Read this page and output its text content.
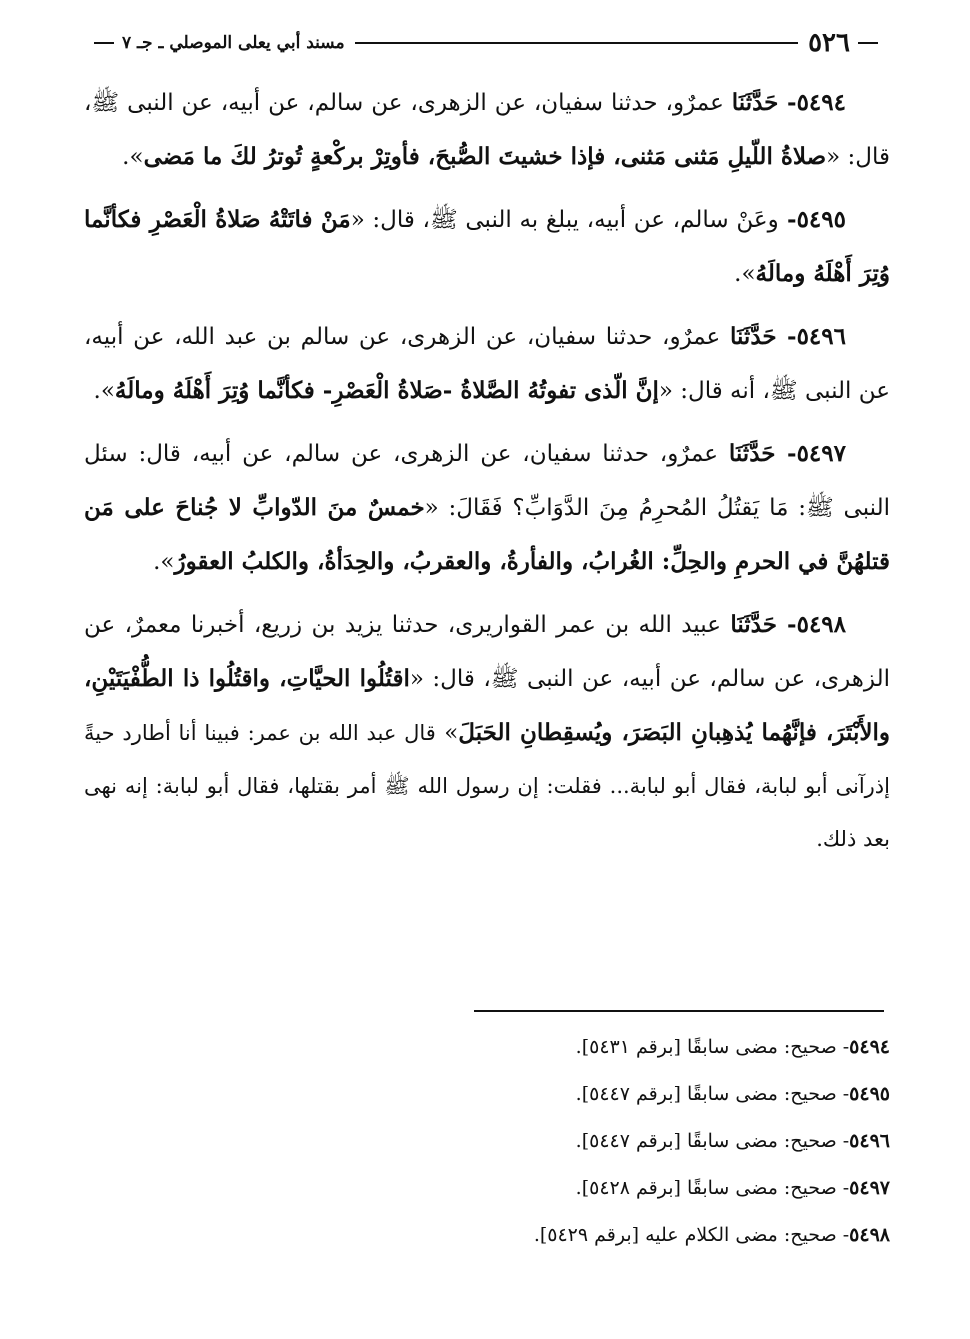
٥٢٦
مسند أبي يعلى الموصلي ـ جـ ٧

٥٤٩٤- حَدَّثَنَا عمرٌو، حدثنا سفيان، عن الزهرى، عن سالم، عن أبيه، عن النبى ﷺ، قال: «صلاةُ اللّيلِ مَثنى مَثنى، فإذا خشيتَ الصُّبحَ، فأوتِرْ بركْعةٍ تُوترُ لكَ ما مَضى».

٥٤٩٥- وعَنْ سالم، عن أبيه، يبلغ به النبى ﷺ، قال: «مَنْ فاتَتْهُ صَلاةُ الْعَصْرِ فكأنَّما وُتِرَ أَهْلَهُ ومالَهُ».

٥٤٩٦- حَدَّثَنَا عمرٌو، حدثنا سفيان، عن الزهرى، عن سالم بن عبد الله، عن أبيه، عن النبى ﷺ، أنه قال: «إنَّ الّذى تفوتُهُ الصَّلاةُ -صَلاةُ الْعَصْرِ- فكأنَّما وُتِرَ أَهْلَهُ ومالَهُ».

٥٤٩٧- حَدَّثَنَا عمرٌو، حدثنا سفيان، عن الزهرى، عن سالم، عن أبيه، قال: سئل النبى ﷺ: مَا يَقتُلُ المُحرِمُ مِنَ الدَّوَابِّ؟ فَقَالَ: «خمسٌ منَ الدّوابِّ لا جُناحَ على مَن قتلهُنَّ في الحرمِ والحِلِّ: الغُرابُ، والفأرةُ، والعقربُ، والحِدَأةُ، والكلبُ العقورُ».

٥٤٩٨- حَدَّثَنَا عبيد الله بن عمر القواريرى، حدثنا يزيد بن زريع، أخبرنا معمرٌ، عن الزهرى، عن سالم، عن أبيه، عن النبى ﷺ، قال: «اقتُلُوا الحيَّاتِ، واقتُلُوا ذا الطُّفْيَتَيْنِ، والأَبْتَرَ، فإنَّهُما يُذهِبانِ البَصَرَ، ويُسقِطانِ الحَبَلَ» قال عبد الله بن عمر: فبينا أنا أطارد حيةً إذرآنى أبو لبابة، فقال أبو لبابة... فقلت: إن رسول الله ﷺ أمر بقتلها، فقال أبو لبابة: إنه نهى بعد ذلك.

٥٤٩٤- صحيح: مضى سابقًا [برقم ٥٤٣١].
٥٤٩٥- صحيح: مضى سابقًا [برقم ٥٤٤٧].
٥٤٩٦- صحيح: مضى سابقًا [برقم ٥٤٤٧].
٥٤٩٧- صحيح: مضى سابقًا [برقم ٥٤٢٨].
٥٤٩٨- صحيح: مضى الكلام عليه [برقم ٥٤٢٩].
